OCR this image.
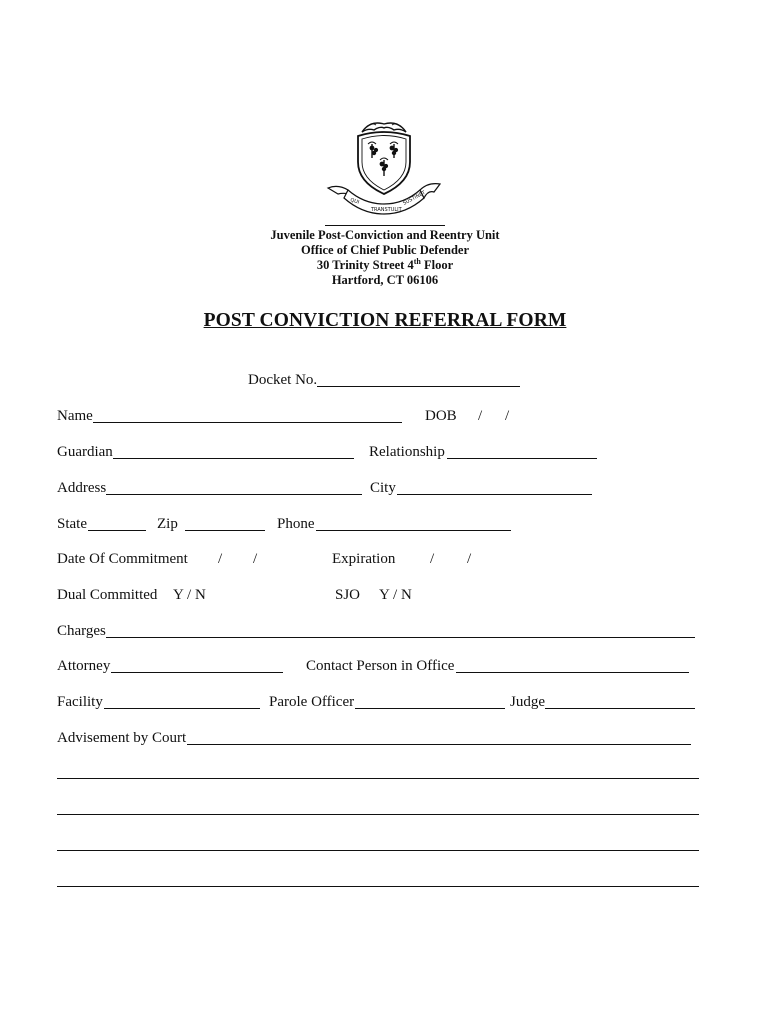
QUI
TRANSTULIT
SUSTINET
Juvenile Post-Conviction and Reentry Unit
Office of Chief Public Defender
30 Trinity Street 4th Floor
Hartford, CT 06106
POST CONVICTION REFERRAL FORM
Docket No.
Name	DOB / /
Guardian	Relationship
Address	City
State	Zip	Phone
Date Of Commitment / /	Expiration / /
Dual Committed Y / N	SJO Y / N
Charges
Attorney	Contact Person in Office
Facility	Parole Officer	Judge
Advisement by Court
